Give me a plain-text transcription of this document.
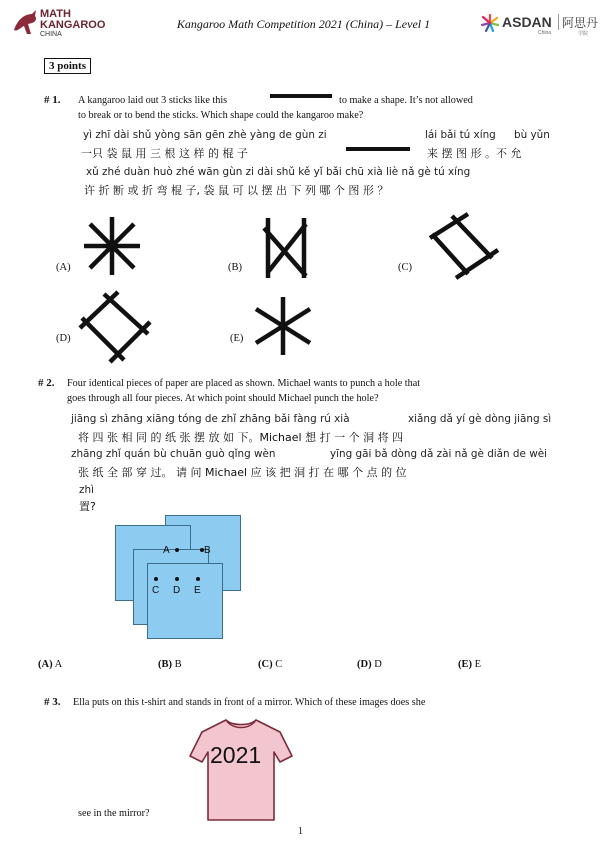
MATH
KANGAROO
CHINA
Kangaroo Math Competition 2021 (China) – Level 1	ASDAN
China
阿思丹
学院
3 points
# 1. A kangaroo laid out 3 sticks like this	to make a shape. It’s not allowed
to break or to bend the sticks. Which shape could the kangaroo make?
yì zhī dài shǔ yòng sān gēn zhè yàng de gùn zi	lái bǎi tú xíng bù yǔn
一只 袋 鼠 用 三 根 这 样 的 棍 子	来 摆 图 形 。不 允
xǔ zhé duàn huò zhé wān gùn zi dài shǔ kě yǐ bǎi chū xià liè nǎ gè tú xíng
许 折 断 或 折 弯 棍 子, 袋 鼠 可 以 摆 出 下 列 哪 个 图 形 ？
(A)	(B)	(C)
(D)	(E)
# 2. Four identical pieces of paper are placed as shown. Michael wants to punch a hole that
goes through all four pieces. At which point should Michael punch the hole?
jiāng sì zhāng xiāng tóng de zhǐ zhāng bǎi fàng rú xià	xiǎng dǎ yí gè dòng jiāng sì
将 四 张 相 同 的 纸 张 摆 放 如 下。Michael 想 打 一 个 洞 将 四
zhāng zhǐ quán bù chuān guò qǐng wèn	yīng gāi bǎ dòng dǎ zài nǎ gè diǎn de wèi
张 纸 全 部 穿 过。 请 问 Michael 应 该 把 洞 打 在 哪 个 点 的 位
zhì
置?
A	B
C D E
(A) A	(B) B	(C) C	(D) D	(E) E
# 3. Ella puts on this t-shirt and stands in front of a mirror. Which of these images does she
2021
see in the mirror?
1
